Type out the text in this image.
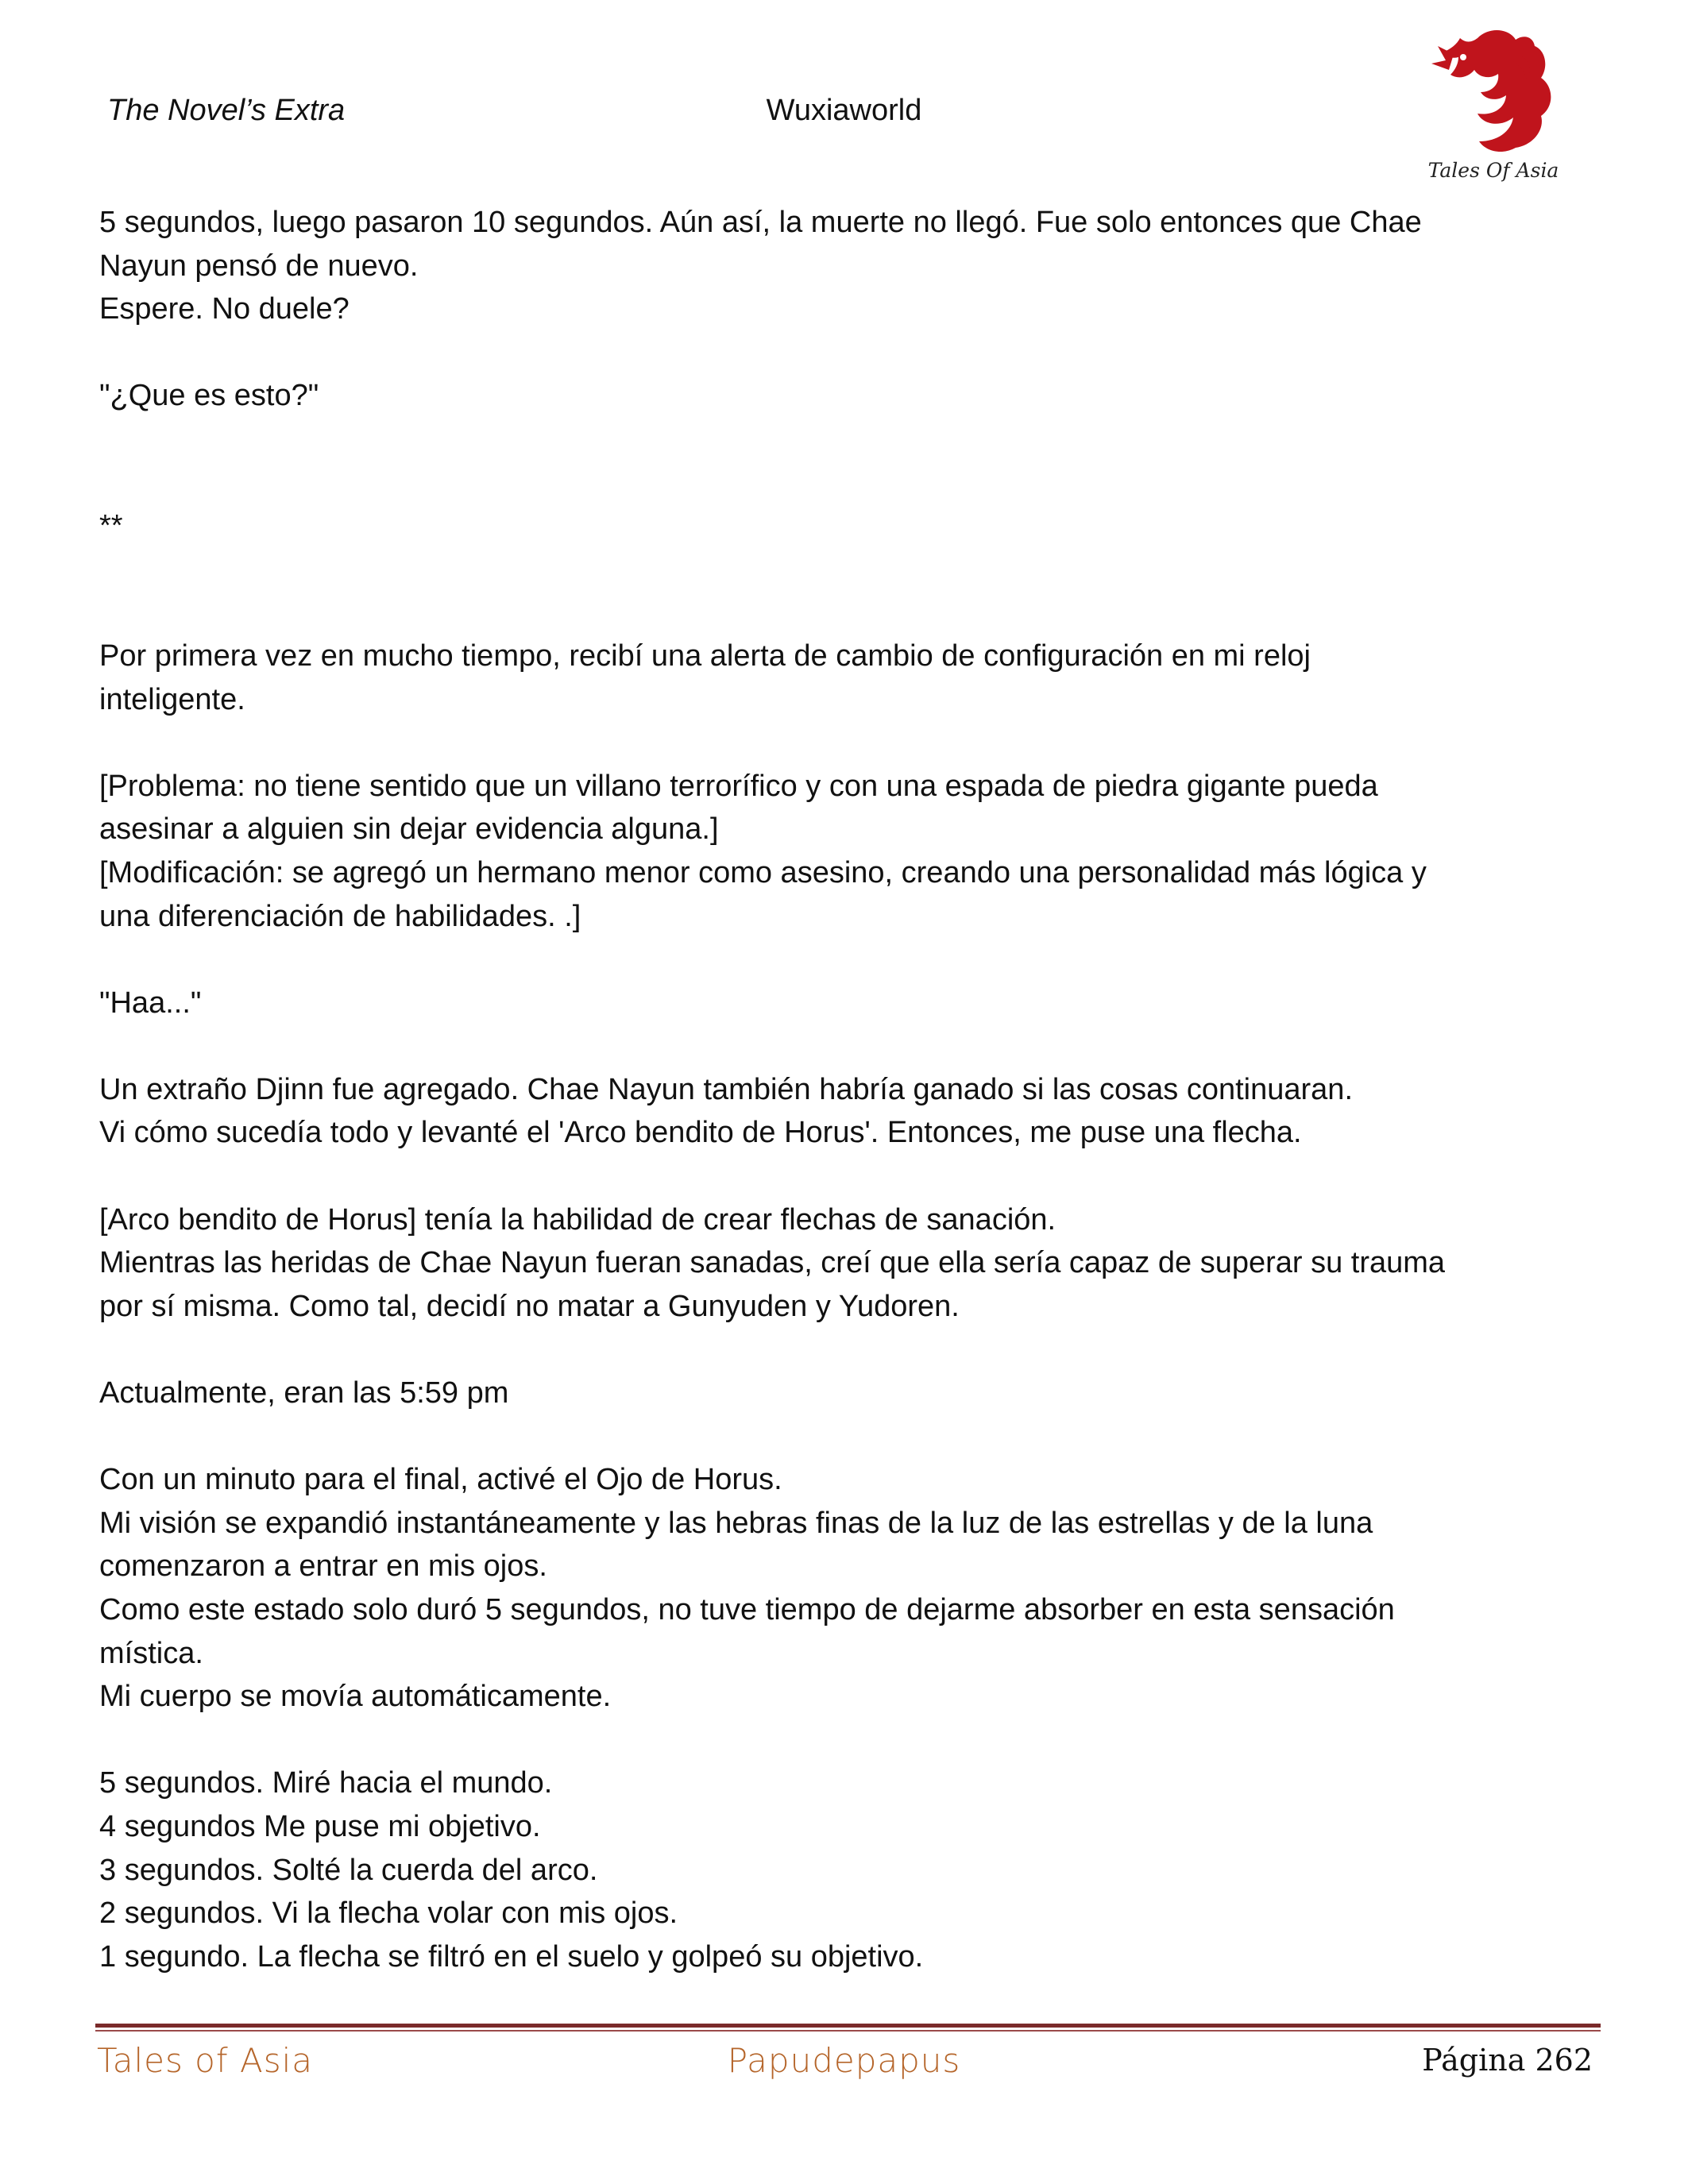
The Novel’s Extra	Wuxiaworld
Tales Of Asia
5 segundos, luego pasaron 10 segundos. Aún así, la muerte no llegó. Fue solo entonces que Chae
Nayun pensó de nuevo.
Espere. No duele?
"¿Que es esto?"
**
Por primera vez en mucho tiempo, recibí una alerta de cambio de configuración en mi reloj
inteligente.
[Problema: no tiene sentido que un villano terrorífico y con una espada de piedra gigante pueda
asesinar a alguien sin dejar evidencia alguna.]
[Modificación: se agregó un hermano menor como asesino, creando una personalidad más lógica y
una diferenciación de habilidades. .]
"Haa..."
Un extraño Djinn fue agregado. Chae Nayun también habría ganado si las cosas continuaran.
Vi cómo sucedía todo y levanté el 'Arco bendito de Horus'. Entonces, me puse una flecha.
[Arco bendito de Horus] tenía la habilidad de crear flechas de sanación.
Mientras las heridas de Chae Nayun fueran sanadas, creí que ella sería capaz de superar su trauma
por sí misma. Como tal, decidí no matar a Gunyuden y Yudoren.
Actualmente, eran las 5:59 pm
Con un minuto para el final, activé el Ojo de Horus.
Mi visión se expandió instantáneamente y las hebras finas de la luz de las estrellas y de la luna
comenzaron a entrar en mis ojos.
Como este estado solo duró 5 segundos, no tuve tiempo de dejarme absorber en esta sensación
mística.
Mi cuerpo se movía automáticamente.
5 segundos. Miré hacia el mundo.
4 segundos Me puse mi objetivo.
3 segundos. Solté la cuerda del arco.
2 segundos. Vi la flecha volar con mis ojos.
1 segundo. La flecha se filtró en el suelo y golpeó su objetivo.
Tales of Asia	Papudepapus	Página 262
